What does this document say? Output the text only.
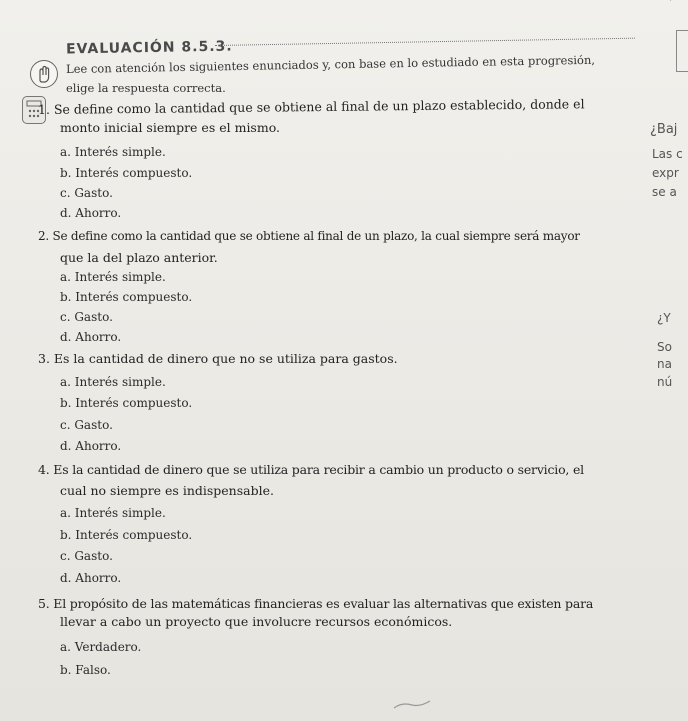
EVALUACIÓN 8.5.3.
Lee con atención los siguientes enunciados y, con base en lo estudiado en esta progresión,
elige la respuesta correcta.
1. Se define como la cantidad que se obtiene al final de un plazo establecido, donde el
monto inicial siempre es el mismo.
a. Interés simple.
b. Interés compuesto.
c. Gasto.
d. Ahorro.
2. Se define como la cantidad que se obtiene al final de un plazo, la cual siempre será mayor
que la del plazo anterior.
a. Interés simple.
b. Interés compuesto.
c. Gasto.
d. Ahorro.
3. Es la cantidad de dinero que no se utiliza para gastos.
a. Interés simple.
b. Interés compuesto.
c. Gasto.
d. Ahorro.
4. Es la cantidad de dinero que se utiliza para recibir a cambio un producto o servicio, el
cual no siempre es indispensable.
a. Interés simple.
b. Interés compuesto.
c. Gasto.
d. Ahorro.
5. El propósito de las matemáticas financieras es evaluar las alternativas que existen para
llevar a cabo un proyecto que involucre recursos económicos.
a. Verdadero.
b. Falso.
¿Baj
Las c
expr
se a
¿Y
So
na
nú
